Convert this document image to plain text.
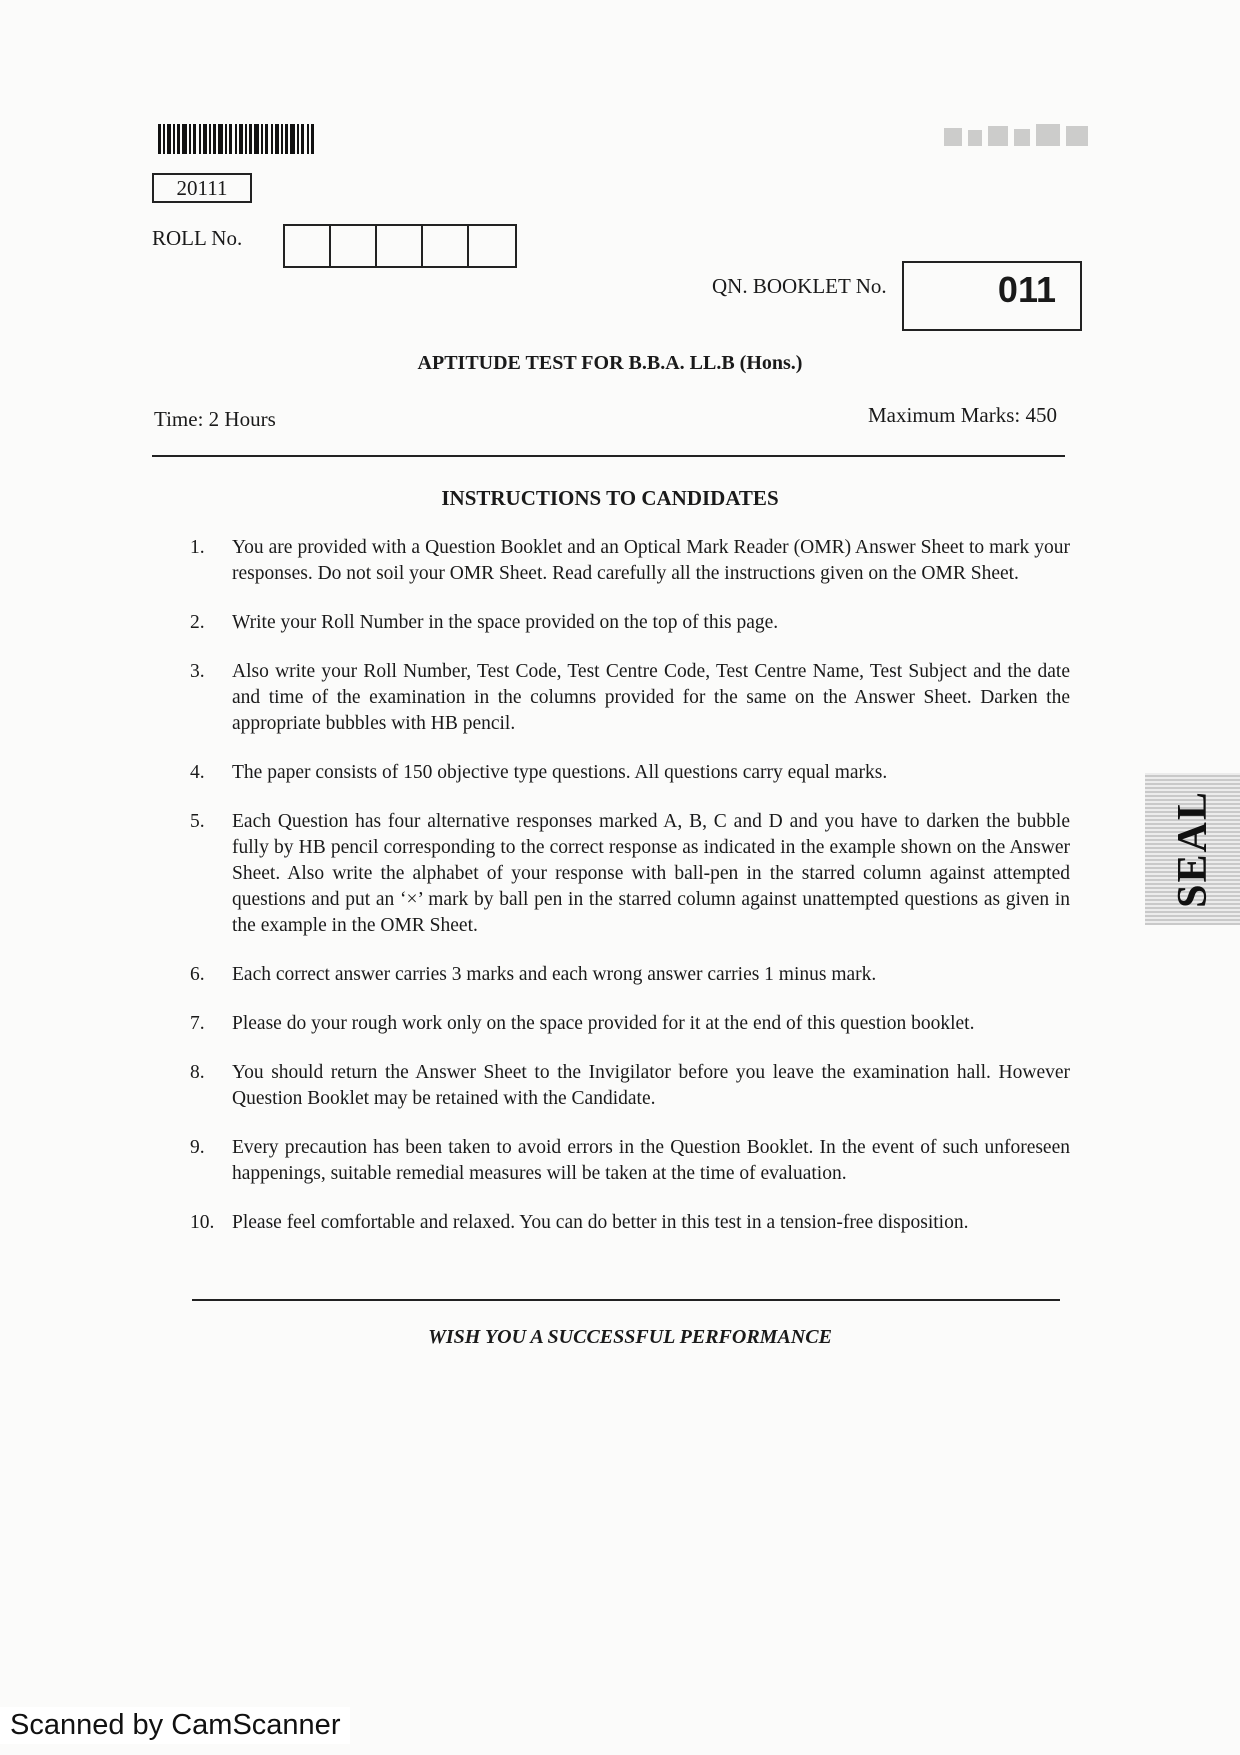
20111
ROLL No.
QN. BOOKLET No.	011
APTITUDE TEST FOR B.B.A. LL.B (Hons.)
Time: 2 Hours	Maximum Marks: 450
INSTRUCTIONS TO CANDIDATES
1.	You are provided with a Question Booklet and an Optical Mark Reader (OMR) Answer Sheet to mark your responses. Do not soil your OMR Sheet. Read carefully all the instructions given on the OMR Sheet.
2.	Write your Roll Number in the space provided on the top of this page.
3.	Also write your Roll Number, Test Code, Test Centre Code, Test Centre Name, Test Subject and the date and time of the examination in the columns provided for the same on the Answer Sheet. Darken the appropriate bubbles with HB pencil.
4.	The paper consists of 150 objective type questions. All questions carry equal marks.
5.	Each Question has four alternative responses marked A, B, C and D and you have to darken the bubble fully by HB pencil corresponding to the correct response as indicated in the example shown on the Answer Sheet. Also write the alphabet of your response with ball-pen in the starred column against attempted questions and put an ‘×’ mark by ball pen in the starred column against unattempted questions as given in the example in the OMR Sheet.
6.	Each correct answer carries 3 marks and each wrong answer carries 1 minus mark.
7.	Please do your rough work only on the space provided for it at the end of this question booklet.
8.	You should return the Answer Sheet to the Invigilator before you leave the examination hall. However Question Booklet may be retained with the Candidate.
9.	Every precaution has been taken to avoid errors in the Question Booklet. In the event of such unforeseen happenings, suitable remedial measures will be taken at the time of evaluation.
10. Please feel comfortable and relaxed. You can do better in this test in a tension-free disposition.
WISH YOU A SUCCESSFUL PERFORMANCE
SEAL
Scanned by CamScanner
